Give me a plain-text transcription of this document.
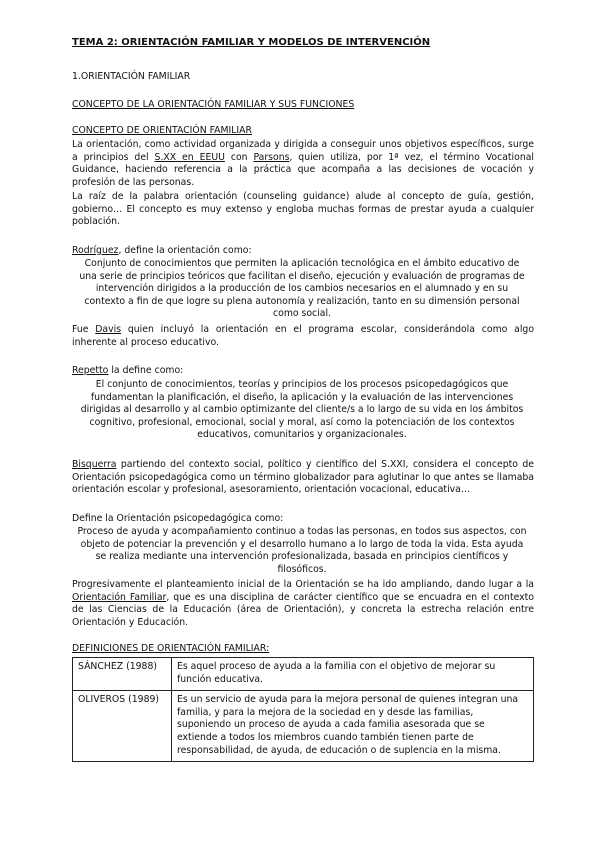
TEMA 2: ORIENTACIÓN FAMILIAR Y MODELOS DE INTERVENCIÓN
1.ORIENTACIÓN FAMILIAR
CONCEPTO DE LA ORIENTACIÓN FAMILIAR Y SUS FUNCIONES
CONCEPTO DE ORIENTACIÓN FAMILIAR
La orientación, como actividad organizada y dirigida a conseguir unos objetivos específicos, surge a principios del S.XX en EEUU con Parsons, quien utiliza, por 1ª vez, el término Vocational Guidance, haciendo referencia a la práctica que acompaña a las decisiones de vocación y profesión de las personas.
La raíz de la palabra orientación (counseling guidance) alude al concepto de guía, gestión, gobierno… El concepto es muy extenso y engloba muchas formas de prestar ayuda a cualquier población.
Rodríguez, define la orientación como:
Conjunto de conocimientos que permiten la aplicación tecnológica en el ámbito educativo de una serie de principios teóricos que facilitan el diseño, ejecución y evaluación de programas de intervención dirigidos a la producción de los cambios necesarios en el alumnado y en su contexto a fin de que logre su plena autonomía y realización, tanto en su dimensión personal como social.
Fue Davis quien incluyó la orientación en el programa escolar, considerándola como algo inherente al proceso educativo.
Repetto la define como:
El conjunto de conocimientos, teorías y principios de los procesos psicopedagógicos que fundamentan la planificación, el diseño, la aplicación y la evaluación de las intervenciones dirigidas al desarrollo y al cambio optimizante del cliente/s a lo largo de su vida en los ámbitos cognitivo, profesional, emocional, social y moral, así como la potenciación de los contextos educativos, comunitarios y organizacionales.
Bisquerra partiendo del contexto social, político y científico del S.XXI, considera el concepto de Orientación psicopedagógica como un término globalizador para aglutinar lo que antes se llamaba orientación escolar y profesional, asesoramiento, orientación vocacional, educativa…
Define la Orientación psicopedagógica como:
Proceso de ayuda y acompañamiento continuo a todas las personas, en todos sus aspectos, con objeto de potenciar la prevención y el desarrollo humano a lo largo de toda la vida. Esta ayuda se realiza mediante una intervención profesionalizada, basada en principios científicos y filosóficos.
Progresivamente el planteamiento inicial de la Orientación se ha ido ampliando, dando lugar a la Orientación Familiar, que es una disciplina de carácter científico que se encuadra en el contexto de las Ciencias de la Educación (área de Orientación), y concreta la estrecha relación entre Orientación y Educación.
DEFINICIONES DE ORIENTACIÓN FAMILIAR:
SÁNCHEZ (1988)	Es aquel proceso de ayuda a la familia con el objetivo de mejorar su función educativa.
OLIVEROS (1989)	Es un servicio de ayuda para la mejora personal de quienes integran una familia, y para la mejora de la sociedad en y desde las familias, suponiendo un proceso de ayuda a cada familia asesorada que se extiende a todos los miembros cuando también tienen parte de responsabilidad, de ayuda, de educación o de suplencia en la misma.
